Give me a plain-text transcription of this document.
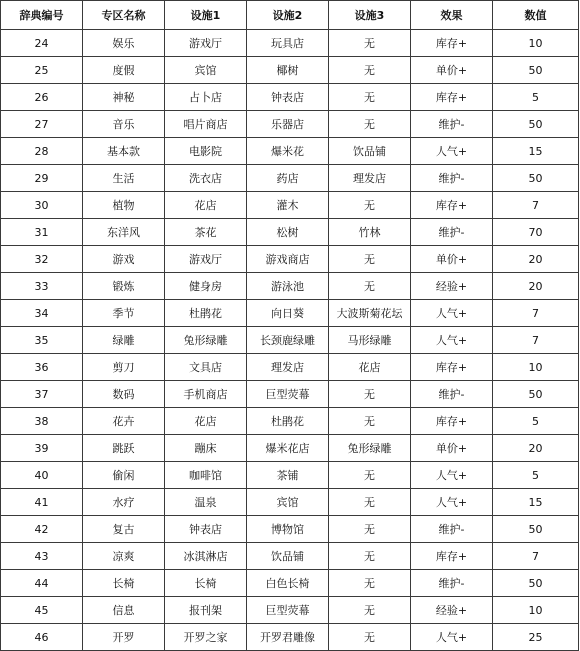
辞典编号	专区名称	设施1	设施2	设施3	效果	数值
24	娱乐	游戏厅	玩具店	无	库存+	10
25	度假	宾馆	椰树	无	单价+	50
26	神秘	占卜店	钟表店	无	库存+	5
27	音乐	唱片商店	乐器店	无	维护-	50
28	基本款	电影院	爆米花	饮品铺	人气+	15
29	生活	洗衣店	药店	理发店	维护-	50
30	植物	花店	灌木	无	库存+	7
31	东洋风	茶花	松树	竹林	维护-	70
32	游戏	游戏厅	游戏商店	无	单价+	20
33	锻炼	健身房	游泳池	无	经验+	20
34	季节	杜鹃花	向日葵	大波斯菊花坛	人气+	7
35	绿雕	兔形绿雕	长颈鹿绿雕	马形绿雕	人气+	7
36	剪刀	文具店	理发店	花店	库存+	10
37	数码	手机商店	巨型荧幕	无	维护-	50
38	花卉	花店	杜鹃花	无	库存+	5
39	跳跃	蹦床	爆米花店	兔形绿雕	单价+	20
40	偷闲	咖啡馆	茶铺	无	人气+	5
41	水疗	温泉	宾馆	无	人气+	15
42	复古	钟表店	博物馆	无	维护-	50
43	凉爽	冰淇淋店	饮品铺	无	库存+	7
44	长椅	长椅	白色长椅	无	维护-	50
45	信息	报刊架	巨型荧幕	无	经验+	10
46	开罗	开罗之家	开罗君雕像	无	人气+	25
